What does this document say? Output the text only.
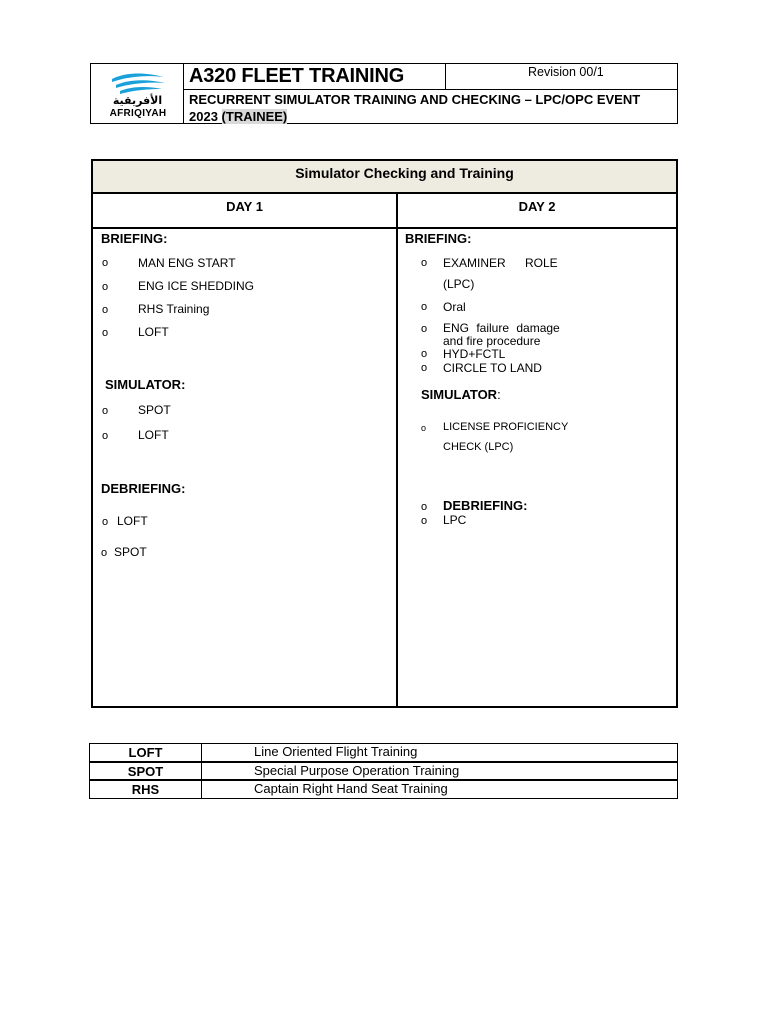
الأفريقية
AFRIQIYAH
A320 FLEET TRAINING	Revision 00/1
RECURRENT SIMULATOR TRAINING AND CHECKING – LPC/OPC EVENT
2023 (TRAINEE)
Simulator Checking and Training
DAY 1	DAY 2
BRIEFING:
o MAN ENG START
o ENG ICE SHEDDING
o RHS Training
o LOFT
SIMULATOR:
o SPOT
o LOFT
DEBRIEFING:
o LOFT
o SPOT
BRIEFING:
o EXAMINER ROLE
(LPC)
o Oral
o ENG failure damage
and fire procedure
o HYD+FCTL
o CIRCLE TO LAND
SIMULATOR:
o LICENSE PROFICIENCY
CHECK (LPC)
o DEBRIEFING:
o LPC
LOFT	Line Oriented Flight Training
SPOT	Special Purpose Operation Training
RHS	Captain Right Hand Seat Training
